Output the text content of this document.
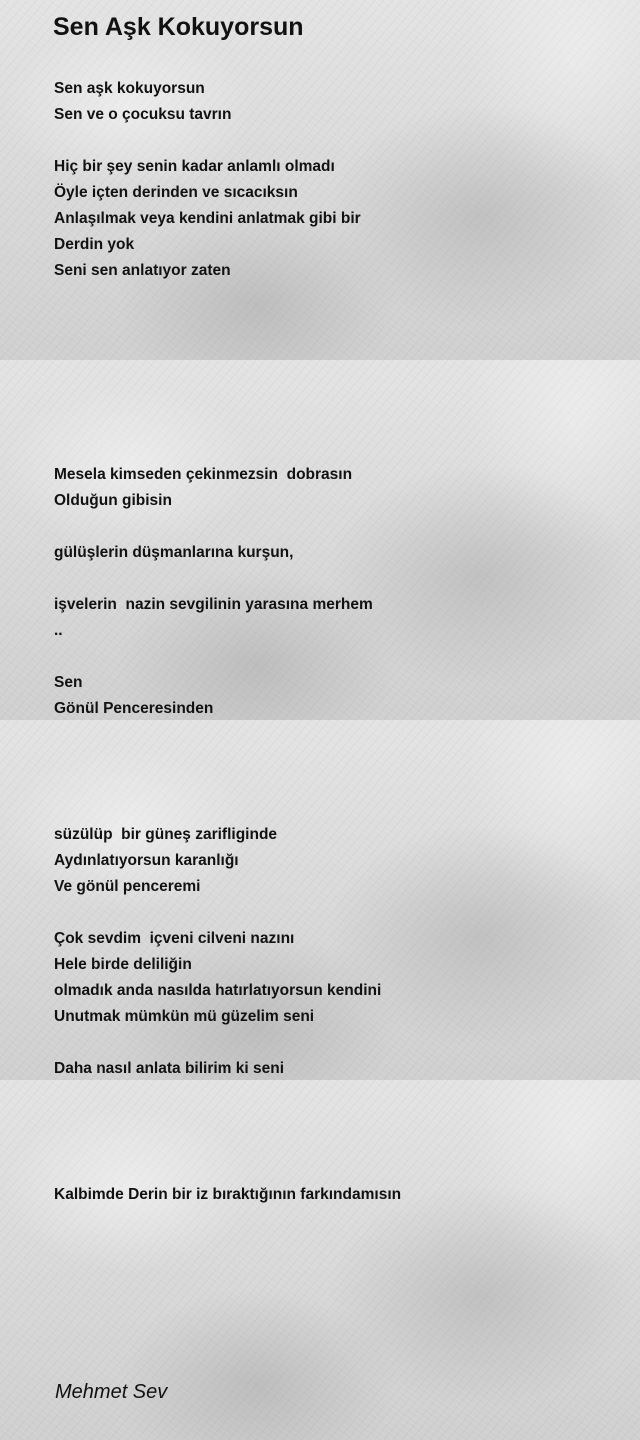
Sen Aşk Kokuyorsun
Sen aşk kokuyorsun
Sen ve o çocuksu tavrın
Hiç bir şey senin kadar anlamlı olmadı
Öyle içten derinden ve sıcacıksın
Anlaşılmak veya kendini anlatmak gibi bir
Derdin yok
Seni sen anlatıyor zaten
Mesela kimseden çekinmezsin  dobrasın
Olduğun gibisin
gülüşlerin düşmanlarına kurşun,
işvelerin  nazin sevgilinin yarasına merhem
..
Sen
Gönül Penceresinden
süzülüp  bir güneş zarifliginde
Aydınlatıyorsun karanlığı
Ve gönül penceremi
Çok sevdim  içveni cilveni nazını
Hele birde deliliğin
olmadık anda nasılda hatırlatıyorsun kendini
Unutmak mümkün mü güzelim seni
Daha nasıl anlata bilirim ki seni
Kalbimde Derin bir iz bıraktığının farkındamısın

Mehmet Sev
